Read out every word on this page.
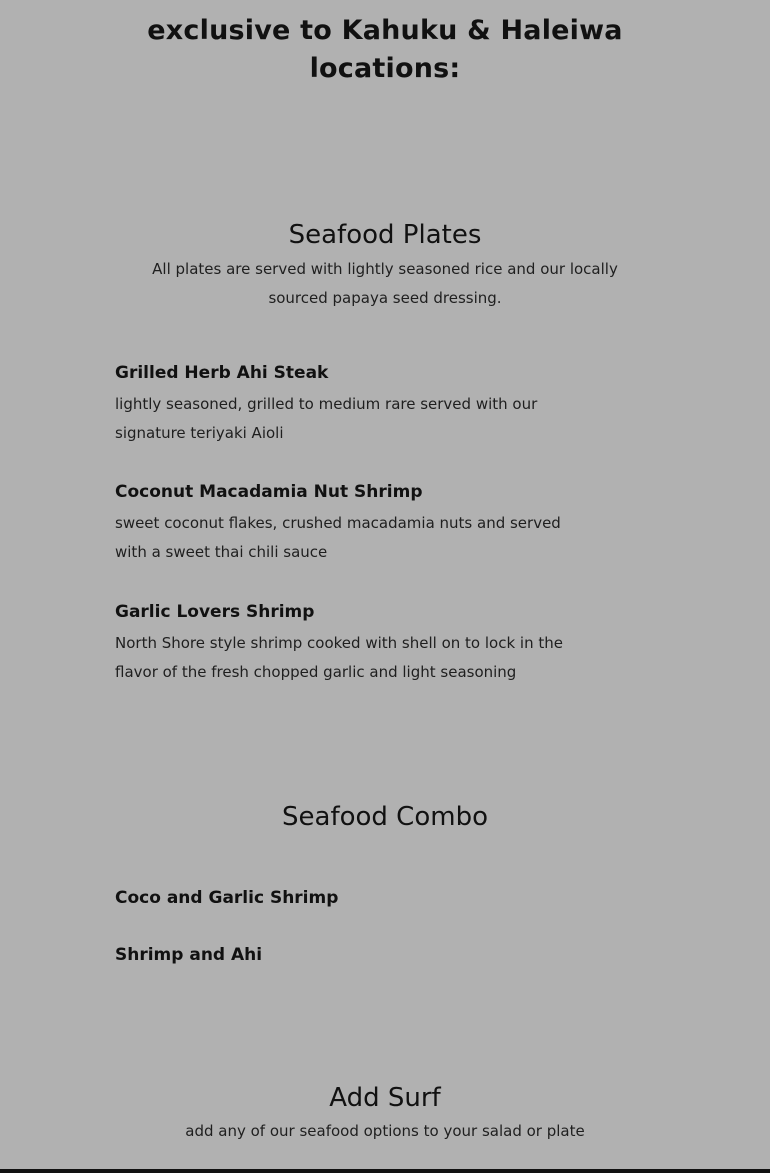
exclusive to Kahuku & Haleiwa
locations:
Seafood Plates
All plates are served with lightly seasoned rice and our locally
sourced papaya seed dressing.
Grilled Herb Ahi Steak
lightly seasoned, grilled to medium rare served with our
signature teriyaki Aioli
Coconut Macadamia Nut Shrimp
sweet coconut flakes, crushed macadamia nuts and served
with a sweet thai chili sauce
Garlic Lovers Shrimp
North Shore style shrimp cooked with shell on to lock in the
flavor of the fresh chopped garlic and light seasoning
Seafood Combo
Coco and Garlic Shrimp
Shrimp and Ahi
Add Surf
add any of our seafood options to your salad or plate
